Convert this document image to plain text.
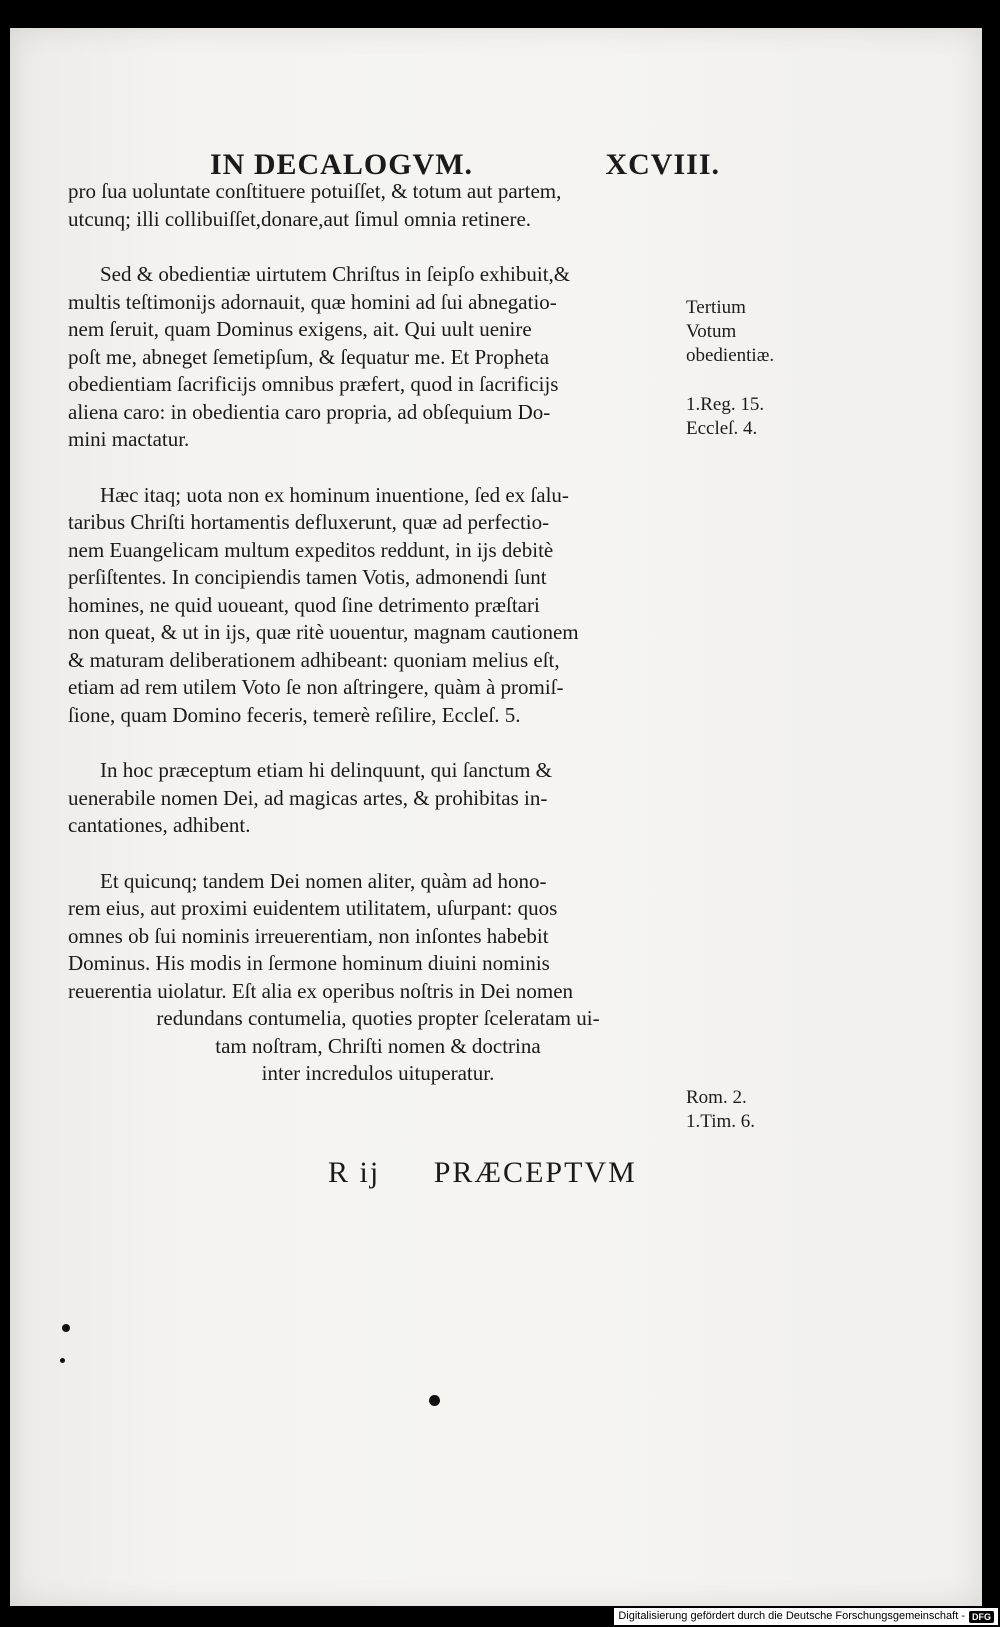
IN DECALOGVM.	XCVIII.

pro ſua uoluntate conſtituere potuiſſet, & totum aut partem,
utcunq; illi collibuiſſet,donare,aut ſimul omnia retinere.

Sed & obedientiæ uirtutem Chriſtus in ſeipſo exhibuit,&
multis teſtimonijs adornauit, quæ homini ad ſui abnegatio-
nem ſeruit, quam Dominus exigens, ait. Qui uult uenire
poſt me, abneget ſemetipſum, & ſequatur me. Et Propheta
obedientiam ſacrificijs omnibus præfert, quod in ſacrificijs
aliena caro: in obedientia caro propria, ad obſequium Do-
mini mactatur.

Hæc itaq; uota non ex hominum inuentione, ſed ex ſalu-
taribus Chriſti hortamentis defluxerunt, quæ ad perfectio-
nem Euangelicam multum expeditos reddunt, in ijs debitè
perſiſtentes. In concipiendis tamen Votis, admonendi ſunt
homines, ne quid uoueant, quod ſine detrimento præſtari
non queat, & ut in ijs, quæ ritè uouentur, magnam cautionem
& maturam deliberationem adhibeant: quoniam melius eſt,
etiam ad rem utilem Voto ſe non aſtringere, quàm à promiſ-
ſione, quam Domino feceris, temerè reſilire, Eccleſ. 5.

In hoc præceptum etiam hi delinquunt, qui ſanctum &
uenerabile nomen Dei, ad magicas artes, & prohibitas in-
cantationes, adhibent.

Et quicunq; tandem Dei nomen aliter, quàm ad hono-
rem eius, aut proximi euidentem utilitatem, uſurpant: quos
omnes ob ſui nominis irreuerentiam, non inſontes habebit
Dominus. His modis in ſermone hominum diuini nominis
reuerentia uiolatur. Eſt alia ex operibus noſtris in Dei nomen
redundans contumelia, quoties propter ſceleratam ui-
tam noſtram, Chriſti nomen & doctrina
inter incredulos uituperatur.

R ij PRÆCEPTVM
Tertium
Votum
obedientiæ.
1.Reg. 15.
Eccleſ. 4.
Rom. 2.
1.Tim. 6.
Digitalisierung gefördert durch die Deutsche Forschungsgemeinschaft - DFG
